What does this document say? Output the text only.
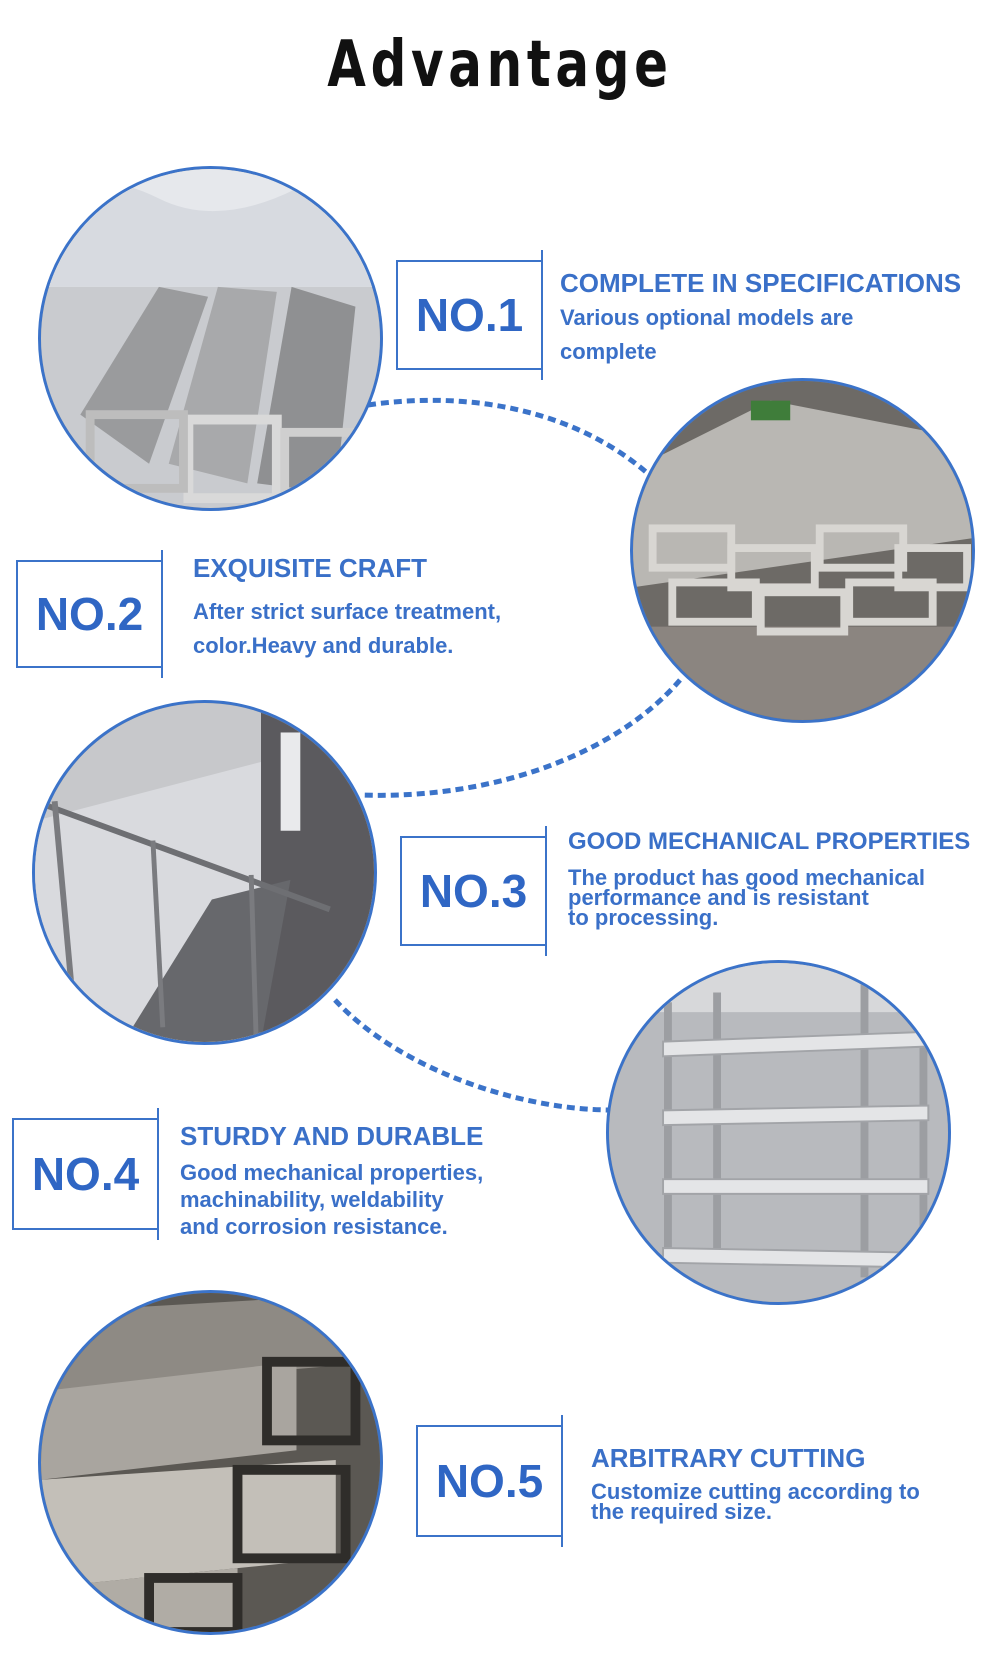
Advantage
NO.1
COMPLETE IN SPECIFICATIONS
Various optional models are
complete
NO.2
EXQUISITE CRAFT
After strict surface treatment,
color.Heavy and durable.
NO.3
GOOD MECHANICAL PROPERTIES
The product has good mechanical
performance and is resistant
to processing.
NO.4
STURDY AND DURABLE
Good mechanical properties,
machinability, weldability
and corrosion resistance.
NO.5	ARBITRARY CUTTING
Customize cutting according to
the required size.
